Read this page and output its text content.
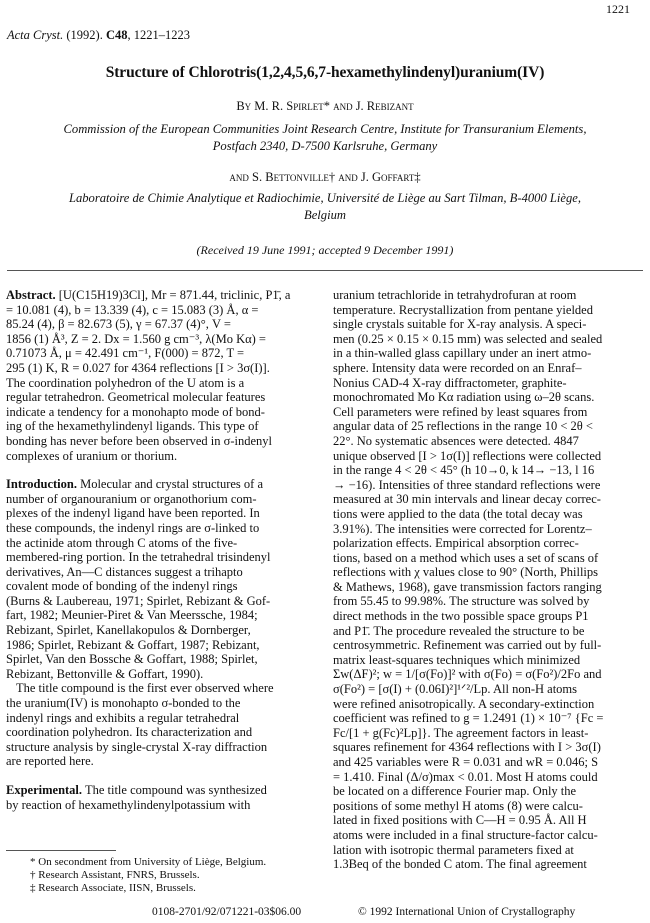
1221
Acta Cryst. (1992). C48, 1221–1223
Structure of Chlorotris(1,2,4,5,6,7-hexamethylindenyl)uranium(IV)
By M. R. Spirlet* and J. Rebizant
Commission of the European Communities Joint Research Centre, Institute for Transuranium Elements,
Postfach 2340, D-7500 Karlsruhe, Germany
and S. Bettonville† and J. Goffart‡
Laboratoire de Chimie Analytique et Radiochimie, Université de Liège au Sart Tilman, B-4000 Liège,
Belgium
(Received 19 June 1991; accepted 9 December 1991)
Abstract. [U(C15H19)3Cl], Mr = 871.44, triclinic, P1̄, a
= 10.081 (4), b = 13.339 (4), c = 15.083 (3) Å, α =
85.24 (4), β = 82.673 (5), γ = 67.37 (4)°, V =
1856 (1) Å³, Z = 2. Dx = 1.560 g cm⁻³, λ(Mo Kα) =
0.71073 Å, μ = 42.491 cm⁻¹, F(000) = 872, T =
295 (1) K, R = 0.027 for 4364 reflections [I > 3σ(I)].
The coordination polyhedron of the U atom is a
regular tetrahedron. Geometrical molecular features
indicate a tendency for a monohapto mode of bond-
ing of the hexamethylindenyl ligands. This type of
bonding has never before been observed in σ-indenyl
complexes of uranium or thorium.
Introduction. Molecular and crystal structures of a
number of organouranium or organothorium com-
plexes of the indenyl ligand have been reported. In
these compounds, the indenyl rings are σ-linked to
the actinide atom through C atoms of the five-
membered-ring portion. In the tetrahedral trisindenyl
derivatives, An—C distances suggest a trihapto
covalent mode of bonding of the indenyl rings
(Burns & Laubereau, 1971; Spirlet, Rebizant & Gof-
fart, 1982; Meunier-Piret & Van Meerssche, 1984;
Rebizant, Spirlet, Kanellakopulos & Dornberger,
1986; Spirlet, Rebizant & Goffart, 1987; Rebizant,
Spirlet, Van den Bossche & Goffart, 1988; Spirlet,
Rebizant, Bettonville & Goffart, 1990).
The title compound is the first ever observed where
the uranium(IV) is monohapto σ-bonded to the
indenyl rings and exhibits a regular tetrahedral
coordination polyhedron. Its characterization and
structure analysis by single-crystal X-ray diffraction
are reported here.
Experimental. The title compound was synthesized
by reaction of hexamethylindenylpotassium with
uranium tetrachloride in tetrahydrofuran at room
temperature. Recrystallization from pentane yielded
single crystals suitable for X-ray analysis. A speci-
men (0.25 × 0.15 × 0.15 mm) was selected and sealed
in a thin-walled glass capillary under an inert atmo-
sphere. Intensity data were recorded on an Enraf–
Nonius CAD-4 X-ray diffractometer, graphite-
monochromated Mo Kα radiation using ω–2θ scans.
Cell parameters were refined by least squares from
angular data of 25 reflections in the range 10 < 2θ <
22°. No systematic absences were detected. 4847
unique observed [I > 1σ(I)] reflections were collected
in the range 4 < 2θ < 45° (h 10→0, k 14→ −13, l 16
→ −16). Intensities of three standard reflections were
measured at 30 min intervals and linear decay correc-
tions were applied to the data (the total decay was
3.91%). The intensities were corrected for Lorentz–
polarization effects. Empirical absorption correc-
tions, based on a method which uses a set of scans of
reflections with χ values close to 90° (North, Phillips
& Mathews, 1968), gave transmission factors ranging
from 55.45 to 99.98%. The structure was solved by
direct methods in the two possible space groups P1
and P1̄. The procedure revealed the structure to be
centrosymmetric. Refinement was carried out by full-
matrix least-squares techniques which minimized
Σw(ΔF)²; w = 1/[σ(Fo)]² with σ(Fo) = σ(Fo²)/2Fo and
σ(Fo²) = [σ(I) + (0.06I)²]¹ᐟ²/Lp. All non-H atoms
were refined anisotropically. A secondary-extinction
coefficient was refined to g = 1.2491 (1) × 10⁻⁷ {Fc =
Fc/[1 + g(Fc)²Lp]}. The agreement factors in least-
squares refinement for 4364 reflections with I > 3σ(I)
and 425 variables were R = 0.031 and wR = 0.046; S
= 1.410. Final (Δ/σ)max < 0.01. Most H atoms could
be located on a difference Fourier map. Only the
positions of some methyl H atoms (8) were calcu-
lated in fixed positions with C—H = 0.95 Å. All H
atoms were included in a final structure-factor calcu-
lation with isotropic thermal parameters fixed at
1.3Beq of the bonded C atom. The final agreement
* On secondment from University of Liège, Belgium.
† Research Assistant, FNRS, Brussels.
‡ Research Associate, IISN, Brussels.
0108-2701/92/071221-03$06.00	© 1992 International Union of Crystallography
